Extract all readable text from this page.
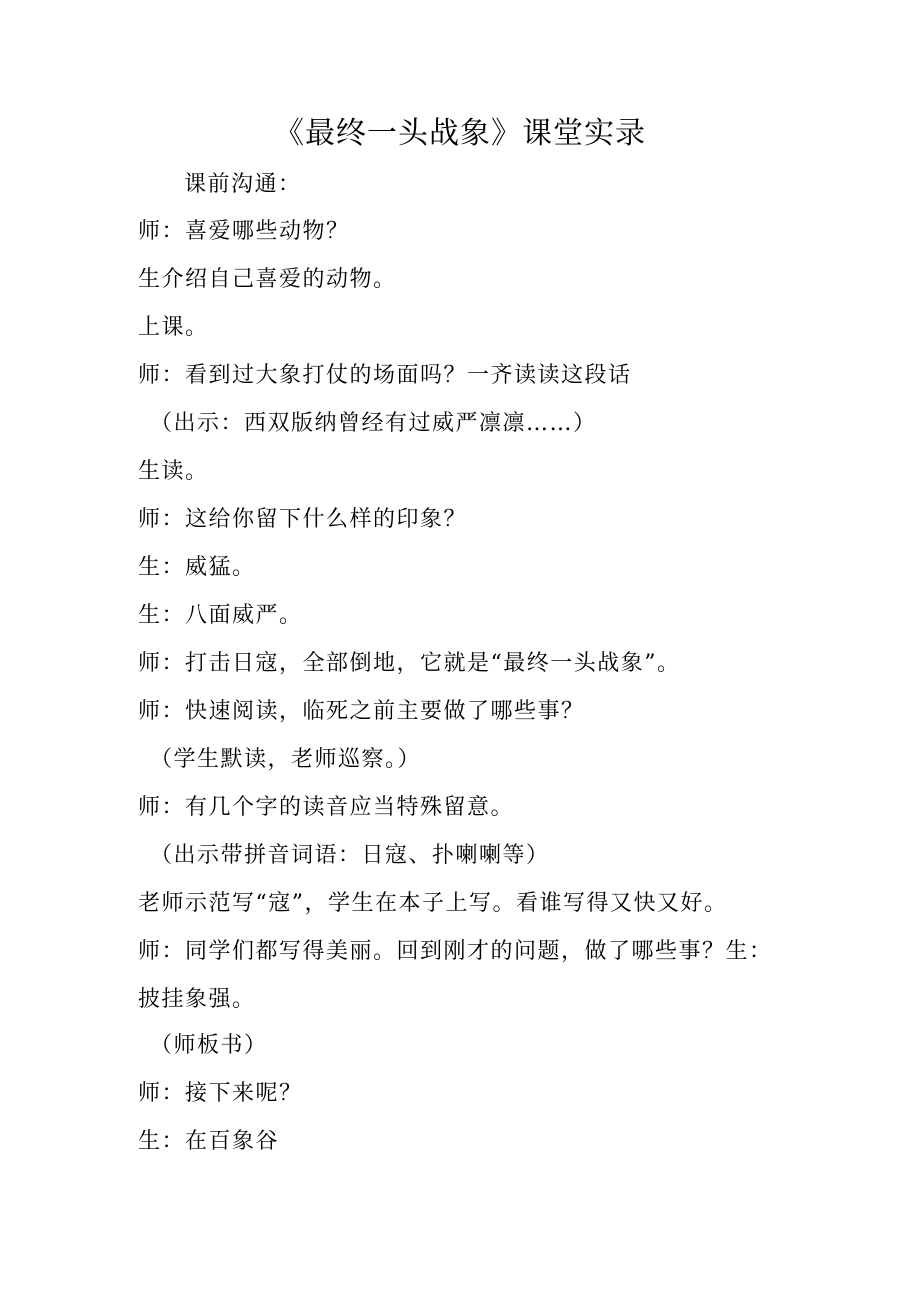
《最终一头战象》课堂实录
课前沟通：
师：喜爱哪些动物？
生介绍自己喜爱的动物。
上课。
师：看到过大象打仗的场面吗？一齐读读这段话
（出示：西双版纳曾经有过威严凛凛……）
生读。
师：这给你留下什么样的印象？
生：威猛。
生：八面威严。
师：打击日寇，全部倒地，它就是“最终一头战象”。
师：快速阅读，临死之前主要做了哪些事？
（学生默读，老师巡察。）
师：有几个字的读音应当特殊留意。
（出示带拼音词语：日寇、扑喇喇等）
老师示范写“寇”，学生在本子上写。看谁写得又快又好。
师：同学们都写得美丽。回到刚才的问题，做了哪些事？生：
披挂象强。
（师板书）
师：接下来呢？
生：在百象谷
